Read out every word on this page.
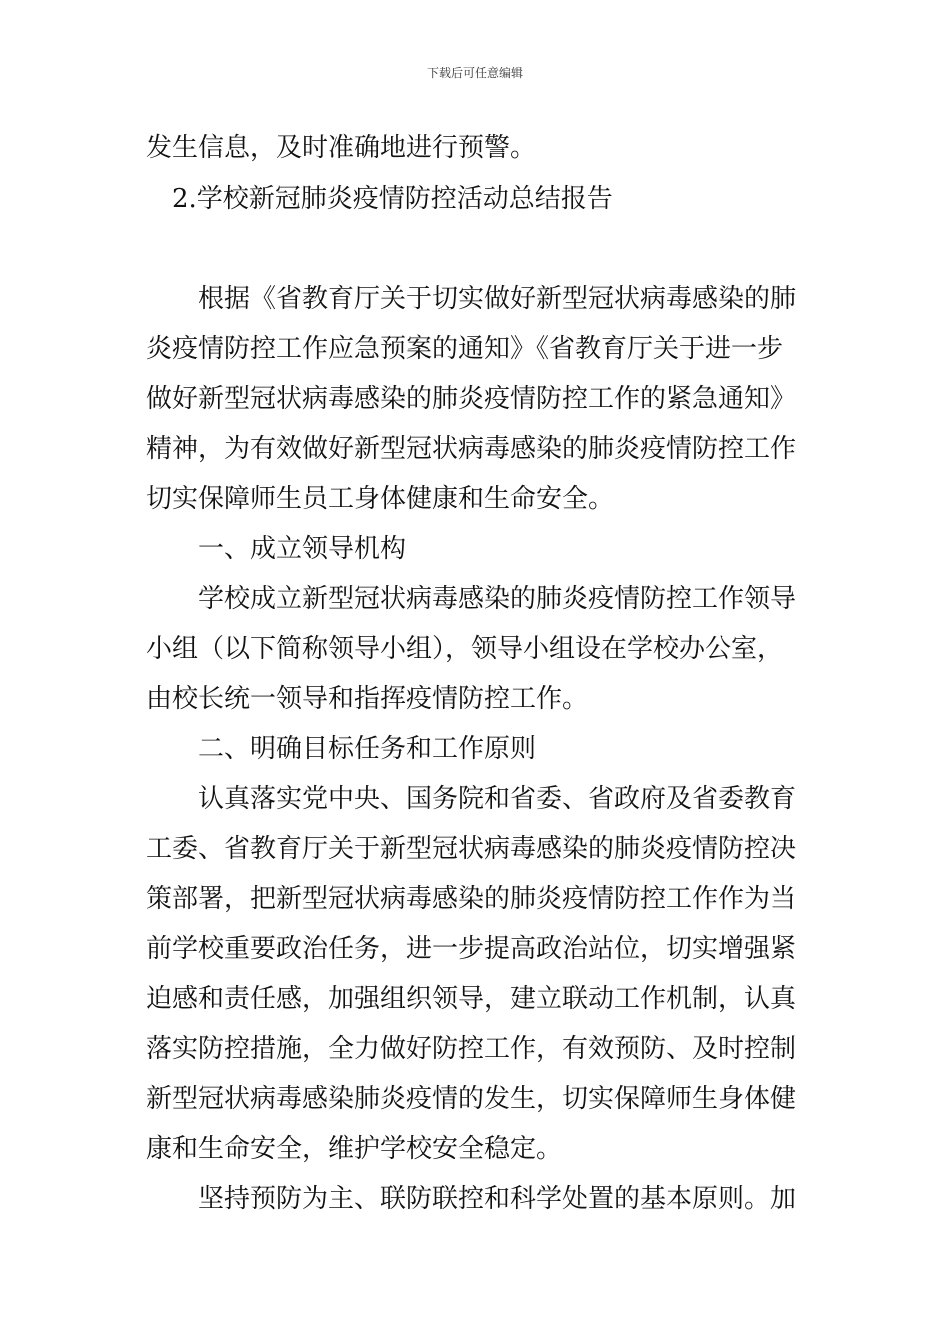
下载后可任意编辑
发生信息，及时准确地进行预警。
2.学校新冠肺炎疫情防控活动总结报告
根据《省教育厅关于切实做好新型冠状病毒感染的肺
炎疫情防控工作应急预案的通知》《省教育厅关于进一步
做好新型冠状病毒感染的肺炎疫情防控工作的紧急通知》
精神，为有效做好新型冠状病毒感染的肺炎疫情防控工作
切实保障师生员工身体健康和生命安全。
一、成立领导机构
学校成立新型冠状病毒感染的肺炎疫情防控工作领导
小组（以下简称领导小组），领导小组设在学校办公室，
由校长统一领导和指挥疫情防控工作。
二、明确目标任务和工作原则
认真落实党中央、国务院和省委、省政府及省委教育
工委、省教育厅关于新型冠状病毒感染的肺炎疫情防控决
策部署，把新型冠状病毒感染的肺炎疫情防控工作作为当
前学校重要政治任务，进一步提高政治站位，切实增强紧
迫感和责任感，加强组织领导，建立联动工作机制，认真
落实防控措施，全力做好防控工作，有效预防、及时控制
新型冠状病毒感染肺炎疫情的发生，切实保障师生身体健
康和生命安全，维护学校安全稳定。
坚持预防为主、联防联控和科学处置的基本原则。加
